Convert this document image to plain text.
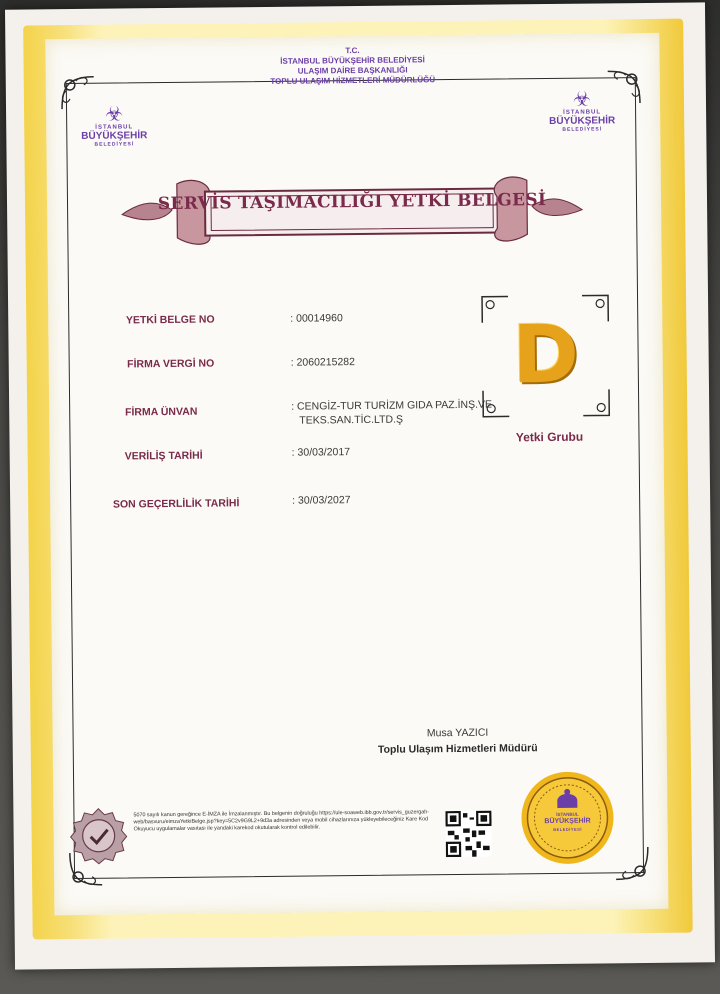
T.C.
İSTANBUL BÜYÜKŞEHİR BELEDİYESİ
ULAŞIM DAİRE BAŞKANLIĞI
TOPLU ULAŞIM HİZMETLERİ MÜDÜRLÜĞÜ
☣
İSTANBUL
BÜYÜKŞEHİR
BELEDİYESİ
☣
İSTANBUL
BÜYÜKŞEHİR
BELEDİYESİ
SERVİS TAŞIMACILIĞI YETKİ BELGESİ
YETKİ BELGE NO	: 00014960
FİRMA VERGİ NO	: 2060215282
FİRMA ÜNVAN	: CENGİZ-TUR TURİZM GIDA PAZ.İNŞ.VE
TEKS.SAN.TİC.LTD.Ş
VERİLİŞ TARİHİ	: 30/03/2017
SON GEÇERLİLİK TARİHİ	: 30/03/2027
D
Yetki Grubu
Musa YAZICI
Toplu Ulaşım Hizmetleri Müdürü
5070 sayılı kanun gereğince E-İMZA ile İmzalanmıştır. Bu belgenin doğruluğu https://ule-soaweb.ibb.gov.tr/servis_guzergah-web/basvuru/eimzaYetkiBelge.jsp?key=5C2v9G9L2+9d3a adresinden veya mobil cihazlarınıza yükleyebileceğiniz Kare Kod Okuyucu uygulamalar vasıtası ile yandaki karekod okutularak kontrol edilebilir.
İSTANBUL
BÜYÜKŞEHİR
BELEDİYESİ
